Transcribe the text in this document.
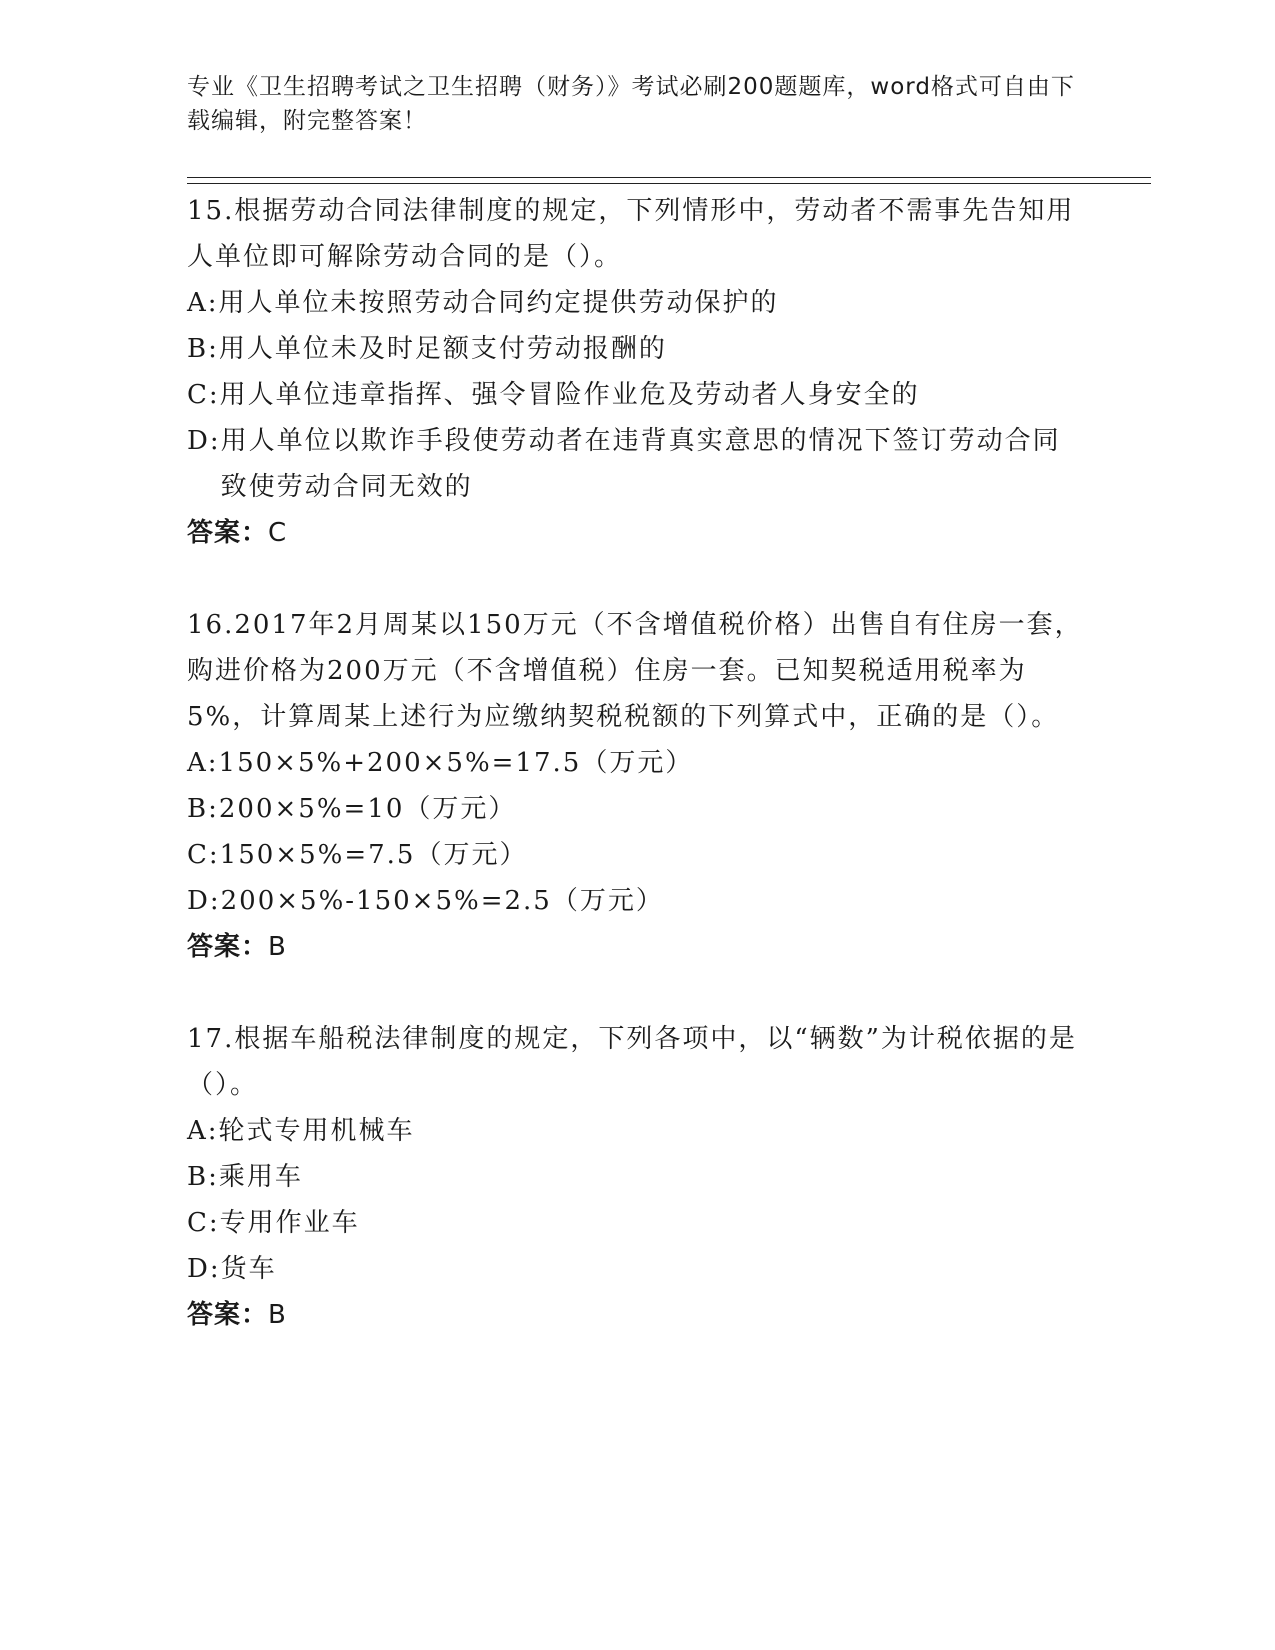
专业《卫生招聘考试之卫生招聘（财务）》考试必刷200题题库，word格式可自由下载编辑，附完整答案！

15.根据劳动合同法律制度的规定，下列情形中，劳动者不需事先告知用人单位即可解除劳动合同的是（）。

A: 用人单位未按照劳动合同约定提供劳动保护的
B: 用人单位未及时足额支付劳动报酬的
C: 用人单位违章指挥、强令冒险作业危及劳动者人身安全的
D: 用人单位以欺诈手段使劳动者在违背真实意思的情况下签订劳动合同致使劳动合同无效的

答案：C

16.2017年2月周某以150万元（不含增值税价格）出售自有住房一套，购进价格为200万元（不含增值税）住房一套。已知契税适用税率为5%，计算周某上述行为应缴纳契税税额的下列算式中，正确的是（）。

A: 150×5%+200×5%=17.5（万元）
B: 200×5%=10（万元）
C: 150×5%=7.5（万元）
D: 200×5%-150×5%=2.5（万元）

答案：B

17.根据车船税法律制度的规定，下列各项中，以“辆数”为计税依据的是（）。

A: 轮式专用机械车
B: 乘用车
C: 专用作业车
D: 货车

答案：B
